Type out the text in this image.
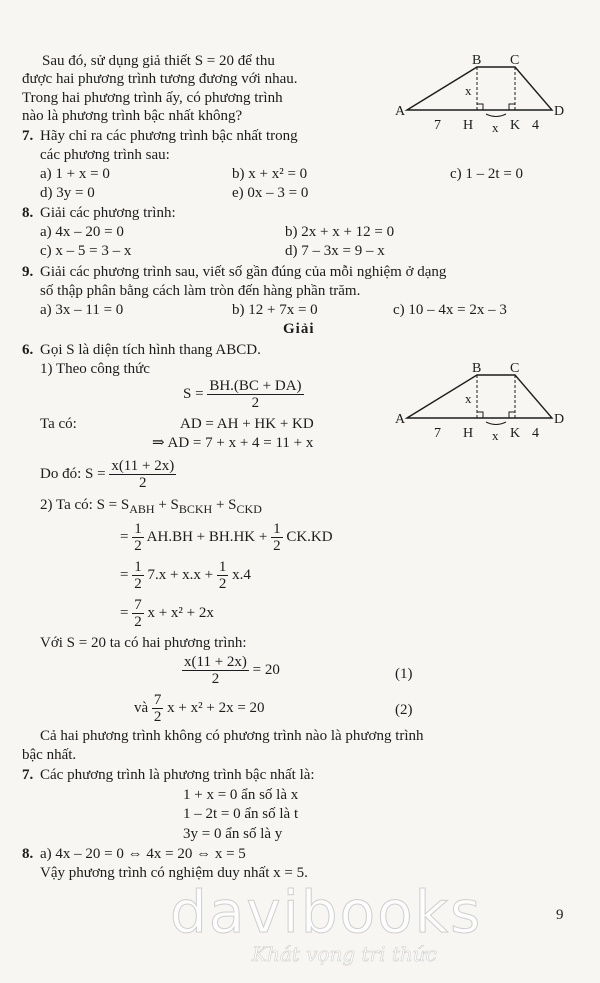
Sau đó, sử dụng giả thiết S = 20 để thu
được hai phương trình tương đương với nhau.
Trong hai phương trình ấy, có phương trình
nào là phương trình bậc nhất không?
7. Hãy chỉ ra các phương trình bậc nhất trong
các phương trình sau:
a) 1 + x = 0	b) x + x² = 0	c) 1 – 2t = 0
d) 3y = 0	e) 0x – 3 = 0
8. Giải các phương trình:
a) 4x – 20 = 0	b) 2x + x + 12 = 0
c) x – 5 = 3 – x	d) 7 – 3x = 9 – x
9. Giải các phương trình sau, viết số gần đúng của mỗi nghiệm ở dạng
số thập phân bằng cách làm tròn đến hàng phần trăm.
a) 3x – 11 = 0	b) 12 + 7x = 0	c) 10 – 4x = 2x – 3
Giải
6. Gọi S là diện tích hình thang ABCD.
1) Theo công thức
$S = \frac{BH.(BC + DA)}{2}$
Ta có:	AD = AH + HK + KD
⇒ AD = 7 + x + 4 = 11 + x
Do đó: $S = \frac{x(11 + 2x)}{2}$
2) Ta có: $S = S_{ABH} + S_{BCKH} + S_{CKD}$
= $\frac{1}{2} AH.BH + BH.HK + \frac{1}{2} CK.KD$
= $\frac{1}{2} 7.x + x.x + \frac{1}{2} x.4$
= $\frac{7}{2}$ x + x² + 2x
Với S = 20 ta có hai phương trình:
$\frac{x(11 + 2x)}{2} = 20$	(1)
và $\frac{7}{2}$ x + x² + 2x = 20	(2)
Cả hai phương trình không có phương trình nào là phương trình
bậc nhất.
7. Các phương trình là phương trình bậc nhất là:
1 + x = 0 ẩn số là x
1 – 2t = 0 ẩn số là t
3y = 0 ẩn số là y
8. a) 4x – 20 = 0 ⇔ 4x = 20 ⇔ x = 5
Vậy phương trình có nghiệm duy nhất x = 5.
9
B C
A	D
H	K
x
x
7	4
B C
A	D
H	K
x
x
7	4
davibooks
Khát vọng tri thức
